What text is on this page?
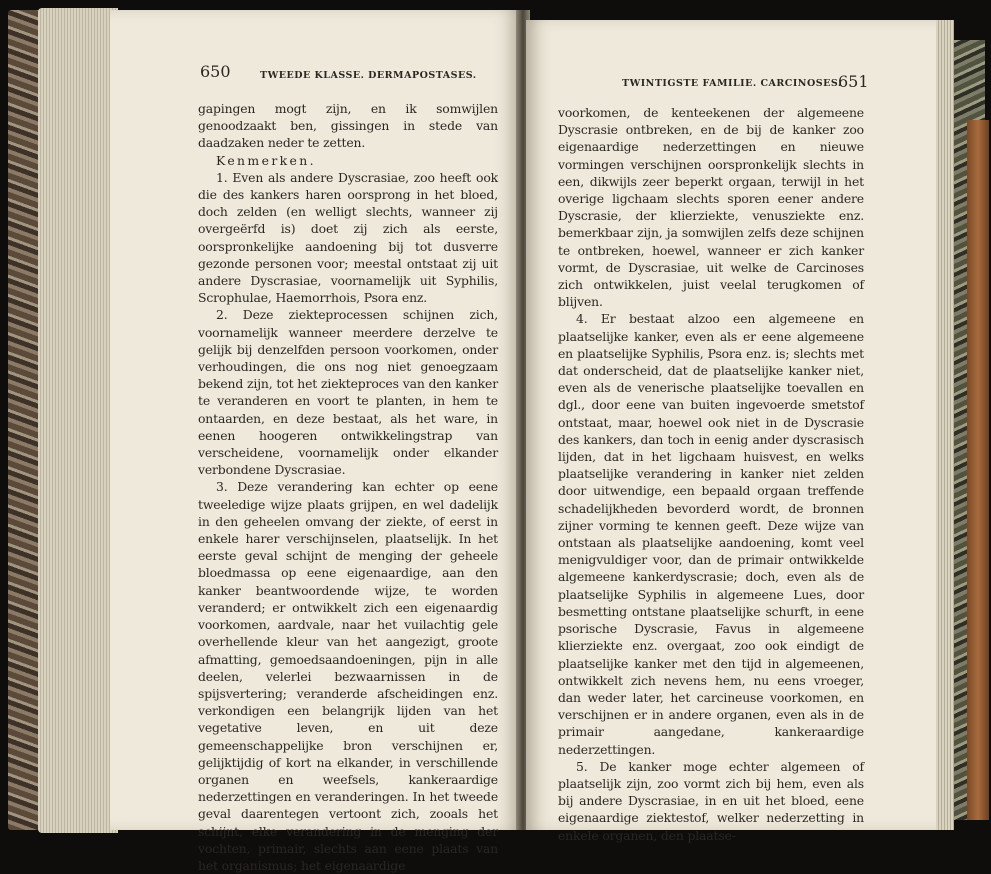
650	TWEEDE KLASSE. DERMAPOSTASES.

gapingen mogt zijn, en ik somwijlen genoodzaakt ben, gissingen in stede van daadzaken neder te zetten.

Kenmerken.

1. Even als andere Dyscrasiae, zoo heeft ook die des kankers haren oorsprong in het bloed, doch zelden (en welligt slechts, wanneer zij overgeërfd is) doet zij zich als eerste, oorspronkelijke aandoening bij tot dusverre gezonde personen voor; meestal ontstaat zij uit andere Dyscrasiae, voornamelijk uit Syphilis, Scrophulae, Haemorrhois, Psora enz.

2. Deze ziekteprocessen schijnen zich, voornamelijk wanneer meerdere derzelve te gelijk bij denzelfden persoon voorkomen, onder verhoudingen, die ons nog niet genoegzaam bekend zijn, tot het ziekteproces van den kanker te veranderen en voort te planten, in hem te ontaarden, en deze bestaat, als het ware, in eenen hoogeren ontwikkelingstrap van verscheidene, voornamelijk onder elkander verbondene Dyscrasiae.

3. Deze verandering kan echter op eene tweeledige wijze plaats grijpen, en wel dadelijk in den geheelen omvang der ziekte, of eerst in enkele harer verschijnselen, plaatselijk. In het eerste geval schijnt de menging der geheele bloedmassa op eene eigenaardige, aan den kanker beantwoordende wijze, te worden veranderd; er ontwikkelt zich een eigenaardig voorkomen, aardvale, naar het vuilachtig gele overhellende kleur van het aangezigt, groote afmatting, gemoedsaandoeningen, pijn in alle deelen, velerlei bezwaarnissen in de spijsvertering; veranderde afscheidingen enz. verkondigen een belangrijk lijden van het vegetative leven, en uit deze gemeenschappelijke bron verschijnen er, gelijktijdig of kort na elkander, in verschillende organen en weefsels, kankeraardige nederzettingen en veranderingen. In het tweede geval daarentegen vertoont zich, zooals het schijnt, elke verandering in de menging der vochten, primair, slechts aan eene plaats van het organismus; het eigenaardige

TWINTIGSTE FAMILIE. CARCINOSES.
651

voorkomen, de kenteekenen der algemeene Dyscrasie ontbreken, en de bij de kanker zoo eigenaardige nederzettingen en nieuwe vormingen verschijnen oorspronkelijk slechts in een, dikwijls zeer beperkt orgaan, terwijl in het overige ligchaam slechts sporen eener andere Dyscrasie, der klierziekte, venusziekte enz. bemerkbaar zijn, ja somwijlen zelfs deze schijnen te ontbreken, hoewel, wanneer er zich kanker vormt, de Dyscrasiae, uit welke de Carcinoses zich ontwikkelen, juist veelal terugkomen of blijven.

4. Er bestaat alzoo een algemeene en plaatselijke kanker, even als er eene algemeene en plaatselijke Syphilis, Psora enz. is; slechts met dat onderscheid, dat de plaatselijke kanker niet, even als de venerische plaatselijke toevallen en dgl., door eene van buiten ingevoerde smetstof ontstaat, maar, hoewel ook niet in de Dyscrasie des kankers, dan toch in eenig ander dyscrasisch lijden, dat in het ligchaam huisvest, en welks plaatselijke verandering in kanker niet zelden door uitwendige, een bepaald orgaan treffende schadelijkheden bevorderd wordt, de bronnen zijner vorming te kennen geeft. Deze wijze van ontstaan als plaatselijke aandoening, komt veel menigvuldiger voor, dan de primair ontwikkelde algemeene kankerdyscrasie; doch, even als de plaatselijke Syphilis in algemeene Lues, door besmetting ontstane plaatselijke schurft, in eene psorische Dyscrasie, Favus in algemeene klierziekte enz. overgaat, zoo ook eindigt de plaatselijke kanker met den tijd in algemeenen, ontwikkelt zich nevens hem, nu eens vroeger, dan weder later, het carcineuse voorkomen, en verschijnen er in andere organen, even als in de primair aangedane, kankeraardige nederzettingen.

5. De kanker moge echter algemeen of plaatselijk zijn, zoo vormt zich bij hem, even als bij andere Dyscrasiae, in en uit het bloed, eene eigenaardige ziektestof, welker nederzetting in enkele organen, den plaatse-
